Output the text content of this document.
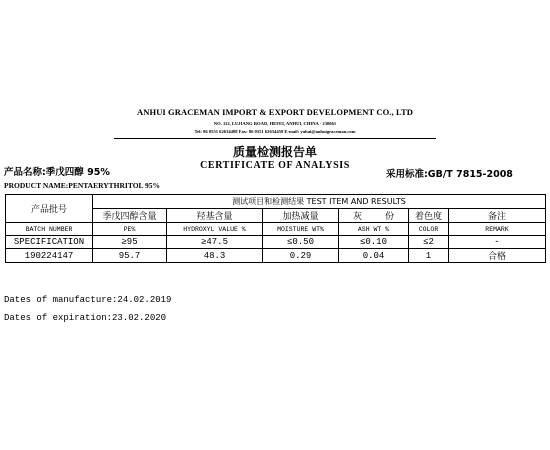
ANHUI GRACEMAN IMPORT & EXPORT DEVELOPMENT CO., LTD
NO. 112, LUJIANG ROAD, HEFEI, ANHUI, CHINA - 230061
Tel: 86 0551 62634488 Fax: 86 0551 62634458 E-mail: yuhai@anhuigraceman.com
质量检测报告单
CERTIFICATE OF ANALYSIS
产品名称:季戊四醇 95%	采用标准:GB/T 7815-2008
PRODUCT NAME:PENTAERYTHRITOL 95%
产品批号	测试项目和检测结果 TEST ITEM AND RESULTS					
	季戊四醇含量	羟基含量	加热减量	灰 份	着色度	备注
BATCH NUMBER	PE%	HYDROXYL VALUE %	MOISTURE WT%	ASH WT %	COLOR	REMARK
SPECIFICATION	≥95	≥47.5	≤0.50	≤0.10	≤2	-
190224147	95.7	48.3	0.29	0.04	1	合格
Dates of manufacture:24.02.2019
Dates of expiration:23.02.2020
